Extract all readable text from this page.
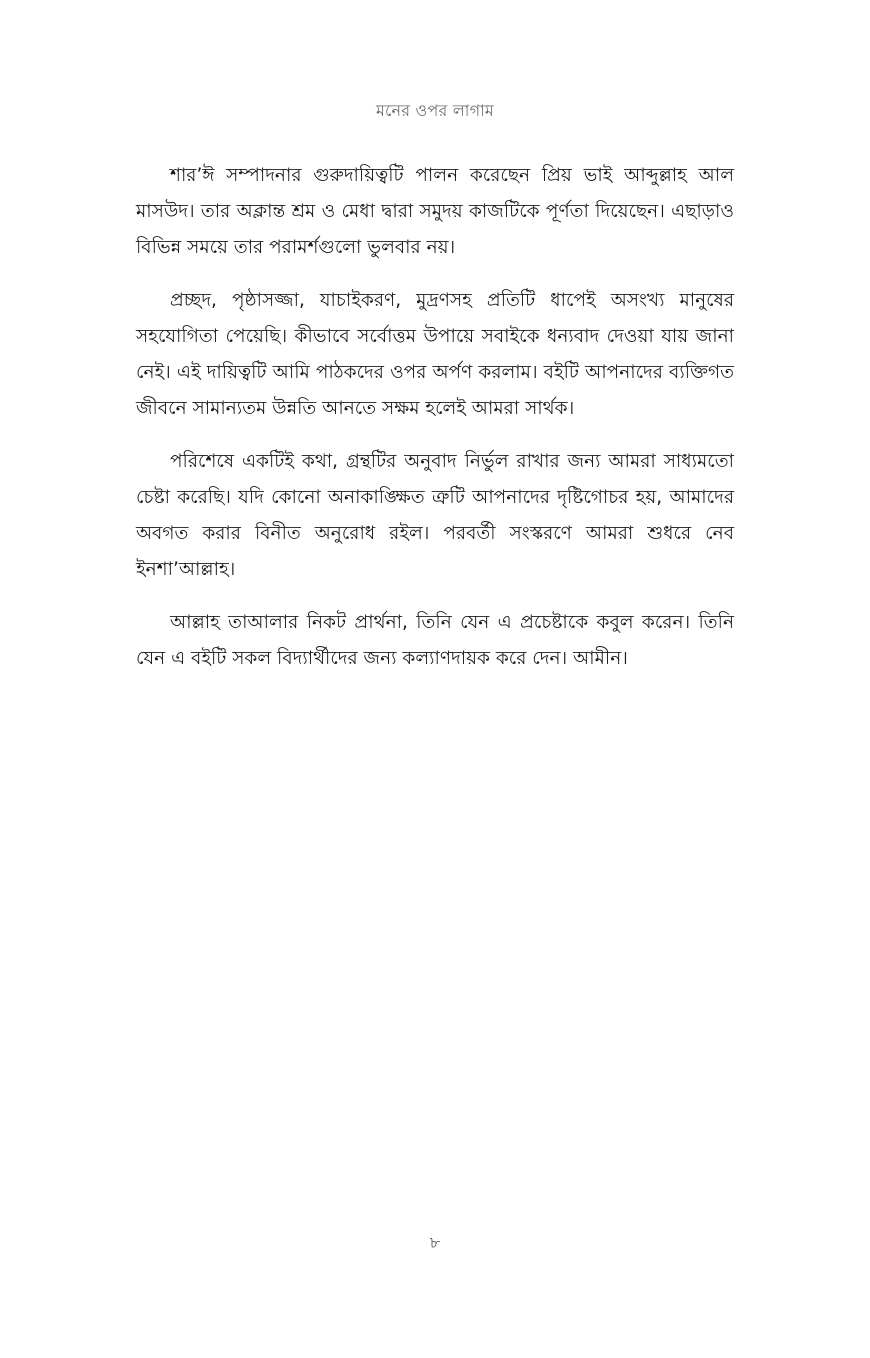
মনের ওপর লাগাম

শার’ঈ সম্পাদনার গুরুদায়িত্বটি পালন করেছেন প্রিয় ভাই আব্দুল্লাহ আল মাসউদ। তার অক্লান্ত শ্রম ও মেধা দ্বারা সমুদয় কাজটিকে পূর্ণতা দিয়েছেন। এছাড়াও বিভিন্ন সময়ে তার পরামর্শগুলো ভুলবার নয়।

প্রচ্ছদ, পৃষ্ঠাসজ্জা, যাচাইকরণ, মুদ্রণসহ প্রতিটি ধাপেই অসংখ্য মানুষের সহযোগিতা পেয়েছি। কীভাবে সর্বোত্তম উপায়ে সবাইকে ধন্যবাদ দেওয়া যায় জানা নেই। এই দায়িত্বটি আমি পাঠকদের ওপর অর্পণ করলাম। বইটি আপনাদের ব্যক্তিগত জীবনে সামান্যতম উন্নতি আনতে সক্ষম হলেই আমরা সার্থক।

পরিশেষে একটিই কথা, গ্রন্থটির অনুবাদ নির্ভুল রাখার জন্য আমরা সাধ্যমতো চেষ্টা করেছি। যদি কোনো অনাকাঙ্ক্ষিত ত্রুটি আপনাদের দৃষ্টিগোচর হয়, আমাদের অবগত করার বিনীত অনুরোধ রইল। পরবর্তী সংস্করণে আমরা শুধরে নেব ইনশা’আল্লাহ।

আল্লাহ তাআলার নিকট প্রার্থনা, তিনি যেন এ প্রচেষ্টাকে কবুল করেন। তিনি যেন এ বইটি সকল বিদ্যার্থীদের জন্য কল্যাণদায়ক করে দেন। আমীন।

৮
